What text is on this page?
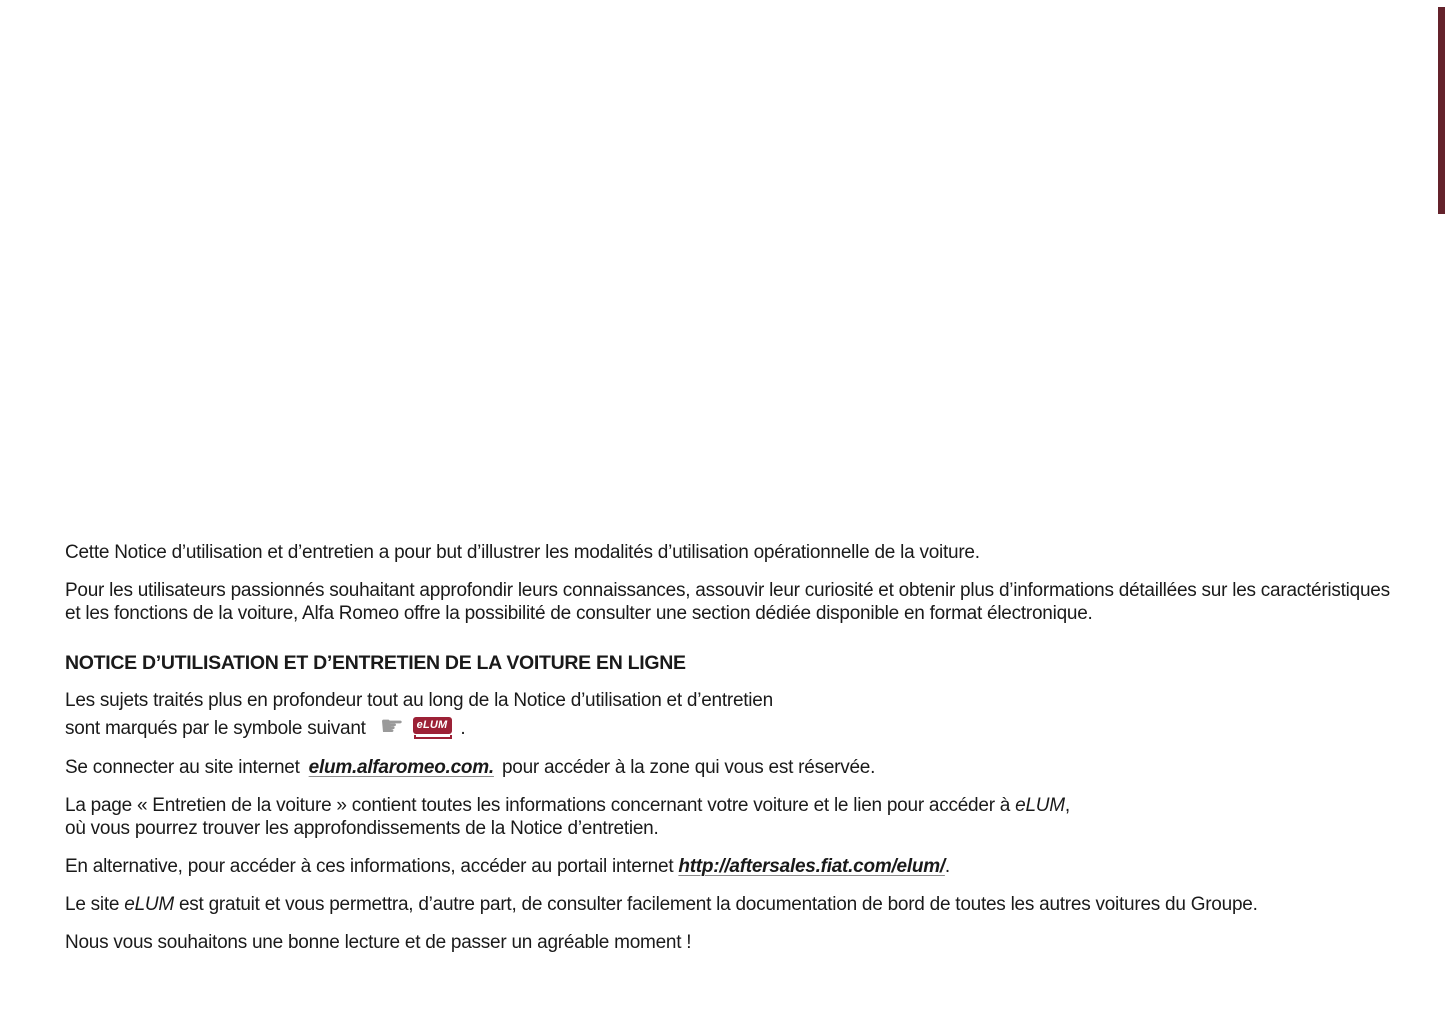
Cette Notice d’utilisation et d’entretien a pour but d’illustrer les modalités d’utilisation opérationnelle de la voiture.

Pour les utilisateurs passionnés souhaitant approfondir leurs connaissances, assouvir leur curiosité et obtenir plus d’informations détaillées sur les caractéristiques
et les fonctions de la voiture, Alfa Romeo offre la possibilité de consulter une section dédiée disponible en format électronique.

NOTICE D’UTILISATION ET D’ENTRETIEN DE LA VOITURE EN LIGNE

Les sujets traités plus en profondeur tout au long de la Notice d’utilisation et d’entretien
sont marqués par le symbole suivant ☛	eLUM .

Se connecter au site internet elum.alfaromeo.com. pour accéder à la zone qui vous est réservée.

La page « Entretien de la voiture » contient toutes les informations concernant votre voiture et le lien pour accéder à eLUM,
où vous pourrez trouver les approfondissements de la Notice d’entretien.

En alternative, pour accéder à ces informations, accéder au portail internet http://aftersales.fiat.com/elum/.

Le site eLUM est gratuit et vous permettra, d’autre part, de consulter facilement la documentation de bord de toutes les autres voitures du Groupe.

Nous vous souhaitons une bonne lecture et de passer un agréable moment !
